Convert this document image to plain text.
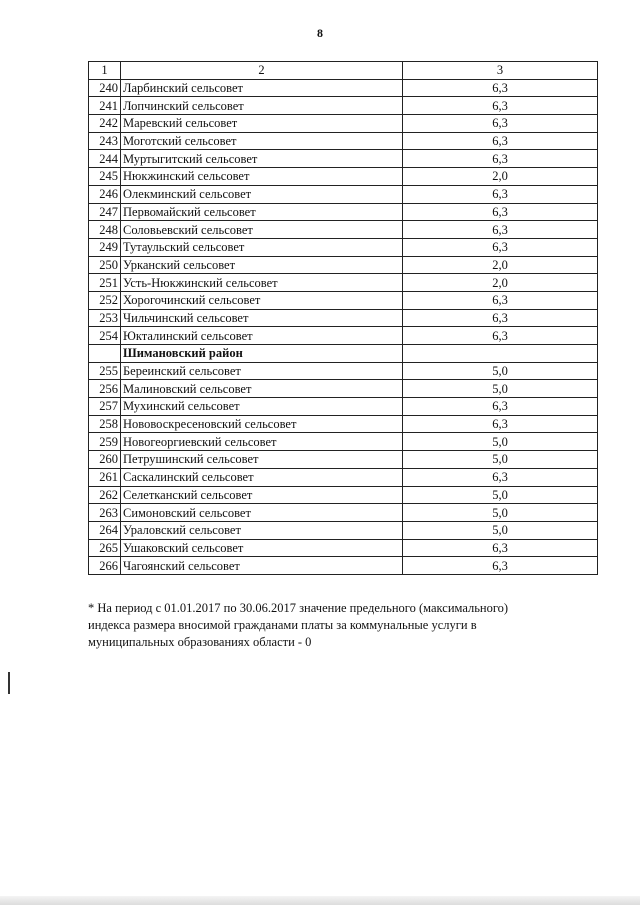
8
1	2	3
240	Ларбинский сельсовет	6,3
241	Лопчинский сельсовет	6,3
242	Маревский сельсовет	6,3
243	Моготский сельсовет	6,3
244	Муртыгитский сельсовет	6,3
245	Нюкжинский сельсовет	2,0
246	Олекминский сельсовет	6,3
247	Первомайский сельсовет	6,3
248	Соловьевский сельсовет	6,3
249	Тутаульский сельсовет	6,3
250	Урканский сельсовет	2,0
251	Усть-Нюкжинский сельсовет	2,0
252	Хорогочинский сельсовет	6,3
253	Чильчинский сельсовет	6,3
254	Юкталинский сельсовет	6,3
	Шимановский район	
255	Береинский сельсовет	5,0
256	Малиновский сельсовет	5,0
257	Мухинский сельсовет	6,3
258	Нововоскресеновский сельсовет	6,3
259	Новогеоргиевский сельсовет	5,0
260	Петрушинский сельсовет	5,0
261	Саскалинский сельсовет	6,3
262	Селетканский сельсовет	5,0
263	Симоновский сельсовет	5,0
264	Ураловский сельсовет	5,0
265	Ушаковский сельсовет	6,3
266	Чагоянский сельсовет	6,3
* На период с 01.01.2017 по 30.06.2017 значение предельного (максимального)
индекса размера вносимой гражданами платы за коммунальные услуги в
муниципальных образованиях области - 0
